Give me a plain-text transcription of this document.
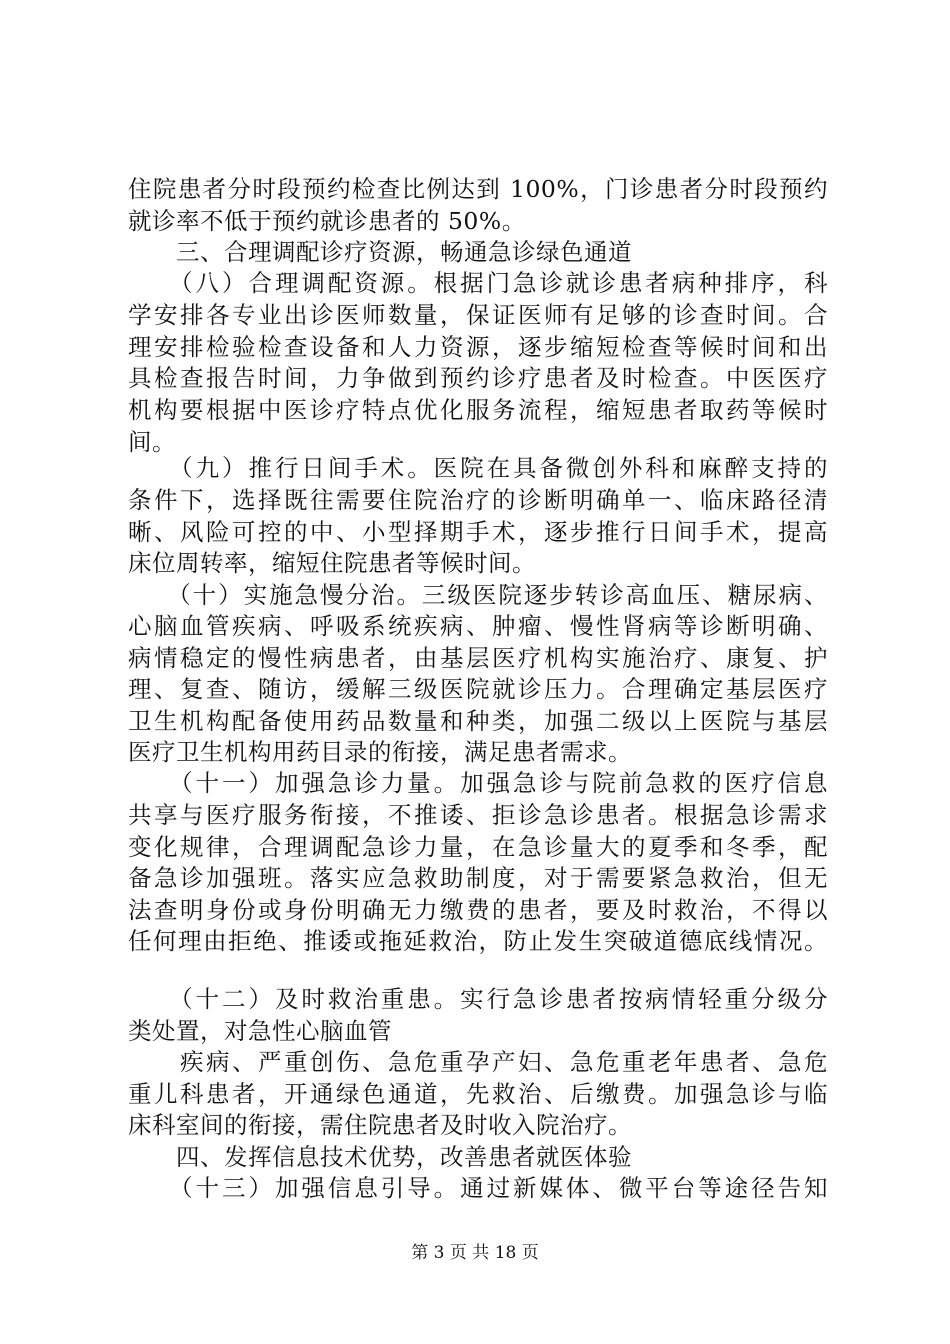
住院患者分时段预约检查比例达到 100%，门诊患者分时段预约
就诊率不低于预约就诊患者的 50%。
　　三、合理调配诊疗资源，畅通急诊绿色通道
　　（八）合理调配资源。根据门急诊就诊患者病种排序，科
学安排各专业出诊医师数量，保证医师有足够的诊查时间。合
理安排检验检查设备和人力资源，逐步缩短检查等候时间和出
具检查报告时间，力争做到预约诊疗患者及时检查。中医医疗
机构要根据中医诊疗特点优化服务流程，缩短患者取药等候时
间。
　　（九）推行日间手术。医院在具备微创外科和麻醉支持的
条件下，选择既往需要住院治疗的诊断明确单一、临床路径清
晰、风险可控的中、小型择期手术，逐步推行日间手术，提高
床位周转率，缩短住院患者等候时间。
　　（十）实施急慢分治。三级医院逐步转诊高血压、糖尿病、
心脑血管疾病、呼吸系统疾病、肿瘤、慢性肾病等诊断明确、
病情稳定的慢性病患者，由基层医疗机构实施治疗、康复、护
理、复查、随访，缓解三级医院就诊压力。合理确定基层医疗
卫生机构配备使用药品数量和种类，加强二级以上医院与基层
医疗卫生机构用药目录的衔接，满足患者需求。
　　（十一）加强急诊力量。加强急诊与院前急救的医疗信息
共享与医疗服务衔接，不推诿、拒诊急诊患者。根据急诊需求
变化规律，合理调配急诊力量，在急诊量大的夏季和冬季，配
备急诊加强班。落实应急救助制度，对于需要紧急救治，但无
法查明身份或身份明确无力缴费的患者，要及时救治，不得以
任何理由拒绝、推诿或拖延救治，防止发生突破道德底线情况。
　　（十二）及时救治重患。实行急诊患者按病情轻重分级分
类处置，对急性心脑血管
　　疾病、严重创伤、急危重孕产妇、急危重老年患者、急危
重儿科患者，开通绿色通道，先救治、后缴费。加强急诊与临
床科室间的衔接，需住院患者及时收入院治疗。
　　四、发挥信息技术优势，改善患者就医体验
　　（十三）加强信息引导。通过新媒体、微平台等途径告知
第 3 页 共 18 页
